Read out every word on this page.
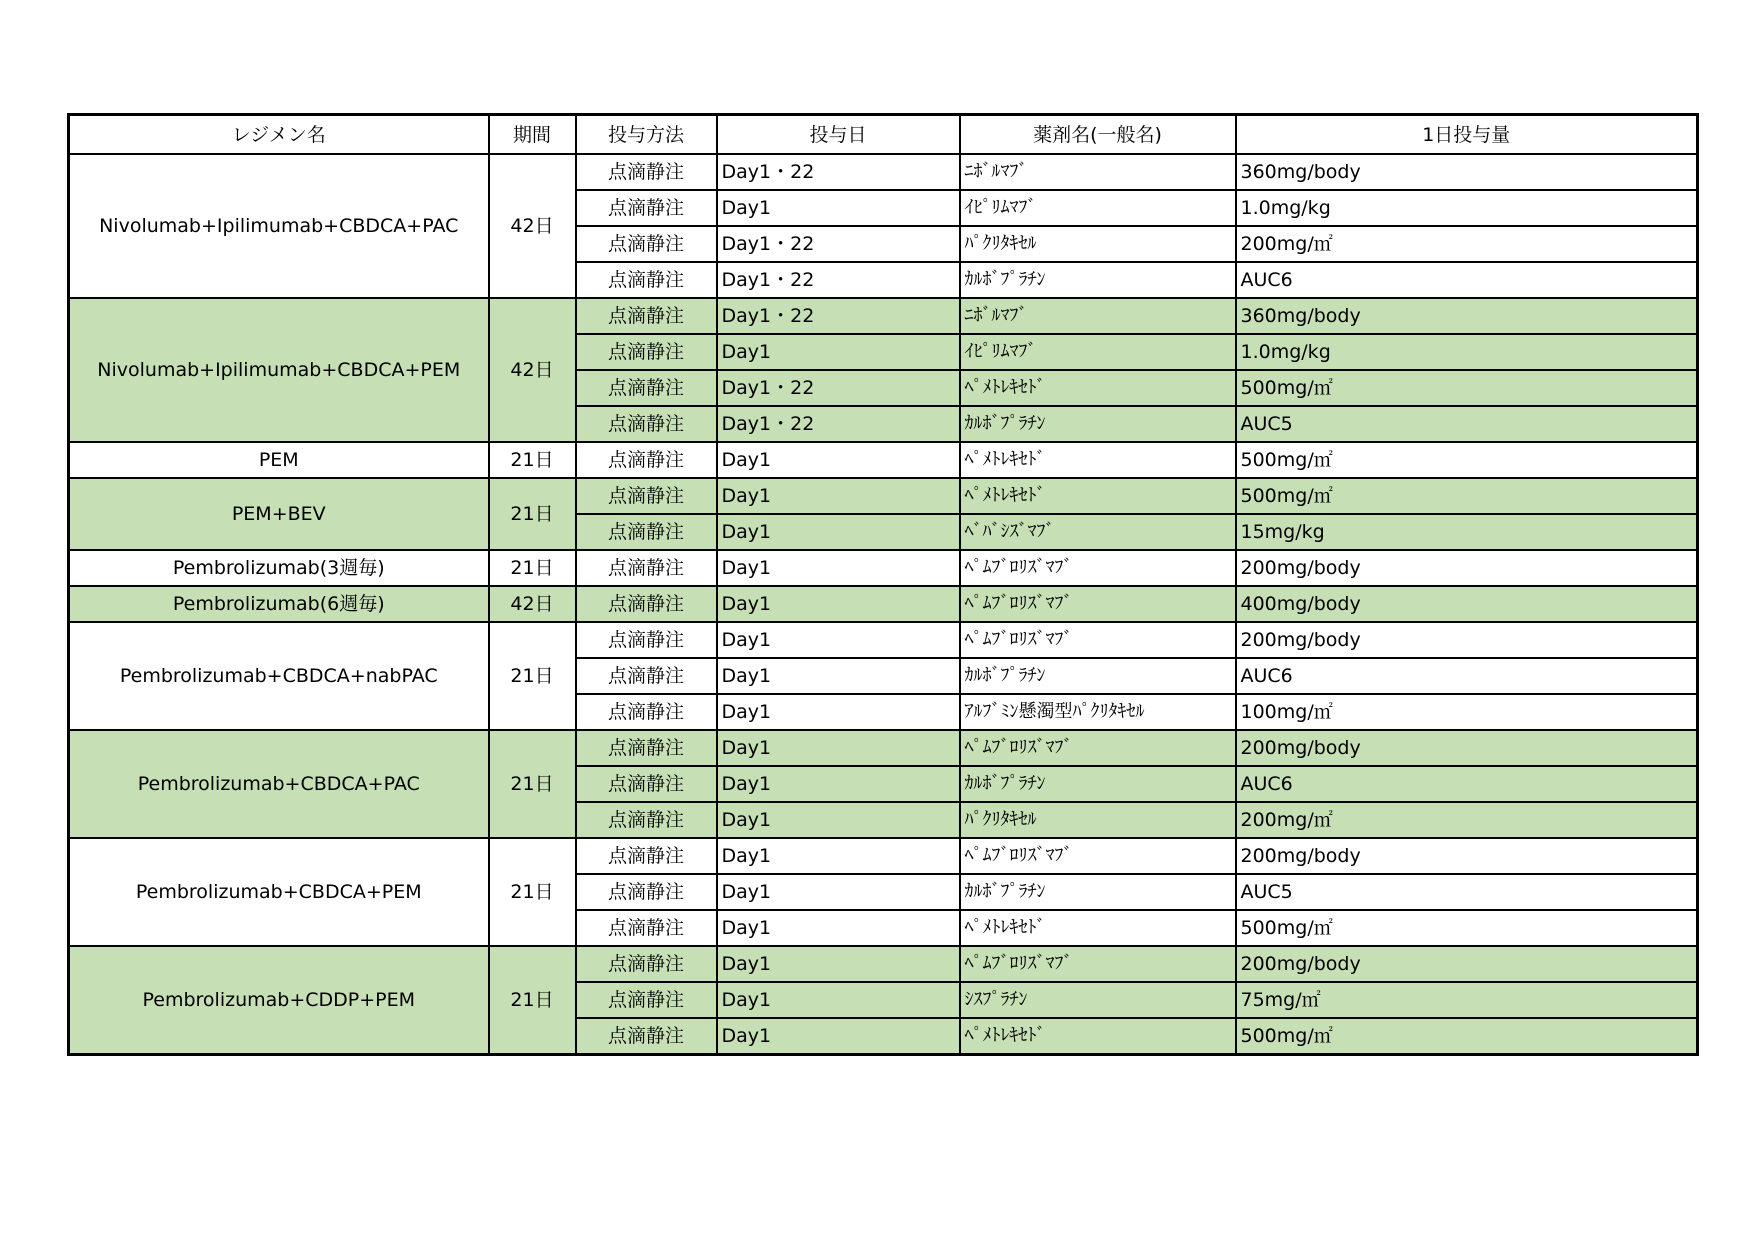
レジメン名	期間	投与方法	投与日	薬剤名(一般名)	1日投与量
Nivolumab+Ipilimumab+CBDCA+PAC	42日	点滴静注	Day1・22	ﾆﾎﾞﾙﾏﾌﾞ	360mg/body
		点滴静注	Day1	ｲﾋﾟﾘﾑﾏﾌﾞ	1.0mg/kg
		点滴静注	Day1・22	ﾊﾟｸﾘﾀｷｾﾙ	200mg/㎡
		点滴静注	Day1・22	ｶﾙﾎﾞﾌﾟﾗﾁﾝ	AUC6
Nivolumab+Ipilimumab+CBDCA+PEM	42日	点滴静注	Day1・22	ﾆﾎﾞﾙﾏﾌﾞ	360mg/body
		点滴静注	Day1	ｲﾋﾟﾘﾑﾏﾌﾞ	1.0mg/kg
		点滴静注	Day1・22	ﾍﾟﾒﾄﾚｷｾﾄﾞ	500mg/㎡
		点滴静注	Day1・22	ｶﾙﾎﾞﾌﾟﾗﾁﾝ	AUC5
PEM	21日	点滴静注	Day1	ﾍﾟﾒﾄﾚｷｾﾄﾞ	500mg/㎡
PEM+BEV	21日	点滴静注	Day1	ﾍﾟﾒﾄﾚｷｾﾄﾞ	500mg/㎡
		点滴静注	Day1	ﾍﾞﾊﾞｼｽﾞﾏﾌﾞ	15mg/kg
Pembrolizumab(3週毎)	21日	点滴静注	Day1	ﾍﾟﾑﾌﾞﾛﾘｽﾞﾏﾌﾞ	200mg/body
Pembrolizumab(6週毎)	42日	点滴静注	Day1	ﾍﾟﾑﾌﾞﾛﾘｽﾞﾏﾌﾞ	400mg/body
Pembrolizumab+CBDCA+nabPAC	21日	点滴静注	Day1	ﾍﾟﾑﾌﾞﾛﾘｽﾞﾏﾌﾞ	200mg/body
		点滴静注	Day1	ｶﾙﾎﾞﾌﾟﾗﾁﾝ	AUC6
		点滴静注	Day1	ｱﾙﾌﾞﾐﾝ懸濁型ﾊﾟｸﾘﾀｷｾﾙ	100mg/㎡
Pembrolizumab+CBDCA+PAC	21日	点滴静注	Day1	ﾍﾟﾑﾌﾞﾛﾘｽﾞﾏﾌﾞ	200mg/body
		点滴静注	Day1	ｶﾙﾎﾞﾌﾟﾗﾁﾝ	AUC6
		点滴静注	Day1	ﾊﾟｸﾘﾀｷｾﾙ	200mg/㎡
Pembrolizumab+CBDCA+PEM	21日	点滴静注	Day1	ﾍﾟﾑﾌﾞﾛﾘｽﾞﾏﾌﾞ	200mg/body
		点滴静注	Day1	ｶﾙﾎﾞﾌﾟﾗﾁﾝ	AUC5
		点滴静注	Day1	ﾍﾟﾒﾄﾚｷｾﾄﾞ	500mg/㎡
Pembrolizumab+CDDP+PEM	21日	点滴静注	Day1	ﾍﾟﾑﾌﾞﾛﾘｽﾞﾏﾌﾞ	200mg/body
		点滴静注	Day1	ｼｽﾌﾟﾗﾁﾝ	75mg/㎡
		点滴静注	Day1	ﾍﾟﾒﾄﾚｷｾﾄﾞ	500mg/㎡
